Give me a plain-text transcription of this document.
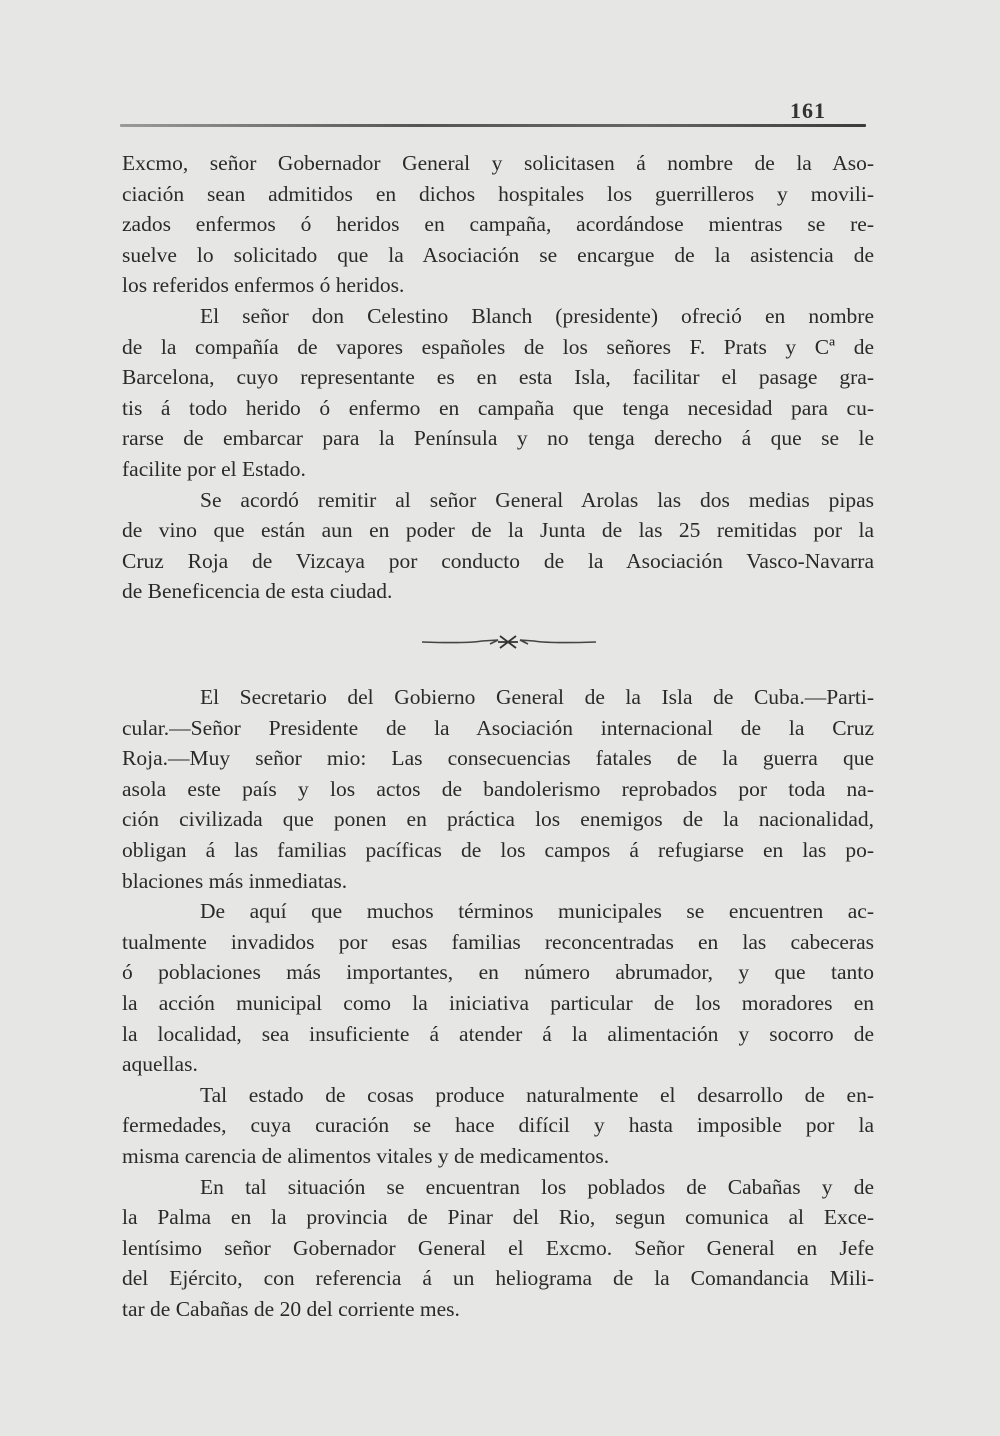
161
Excmo, señor Gobernador General y solicitasen á nombre de la Aso-
ciación sean admitidos en dichos hospitales los guerrilleros y movili-
zados enfermos ó heridos en campaña, acordándose mientras se re-
suelve lo solicitado que la Asociación se encargue de la asistencia de
los referidos enfermos ó heridos.
El señor don Celestino Blanch (presidente) ofreció en nombre
de la compañía de vapores españoles de los señores F. Prats y Cª de
Barcelona, cuyo representante es en esta Isla, facilitar el pasage gra-
tis á todo herido ó enfermo en campaña que tenga necesidad para cu-
rarse de embarcar para la Península y no tenga derecho á que se le
facilite por el Estado.
Se acordó remitir al señor General Arolas las dos medias pipas
de vino que están aun en poder de la Junta de las 25 remitidas por la
Cruz Roja de Vizcaya por conducto de la Asociación Vasco-Navarra
de Beneficencia de esta ciudad.
El Secretario del Gobierno General de la Isla de Cuba.—Parti-
cular.—Señor Presidente de la Asociación internacional de la Cruz
Roja.—Muy señor mio: Las consecuencias fatales de la guerra que
asola este país y los actos de bandolerismo reprobados por toda na-
ción civilizada que ponen en práctica los enemigos de la nacionalidad,
obligan á las familias pacíficas de los campos á refugiarse en las po-
blaciones más inmediatas.
De aquí que muchos términos municipales se encuentren ac-
tualmente invadidos por esas familias reconcentradas en las cabeceras
ó poblaciones más importantes, en número abrumador, y que tanto
la acción municipal como la iniciativa particular de los moradores en
la localidad, sea insuficiente á atender á la alimentación y socorro de
aquellas.
Tal estado de cosas produce naturalmente el desarrollo de en-
fermedades, cuya curación se hace difícil y hasta imposible por la
misma carencia de alimentos vitales y de medicamentos.
En tal situación se encuentran los poblados de Cabañas y de
la Palma en la provincia de Pinar del Rio, segun comunica al Exce-
lentísimo señor Gobernador General el Excmo. Señor General en Jefe
del Ejército, con referencia á un heliograma de la Comandancia Mili-
tar de Cabañas de 20 del corriente mes.
